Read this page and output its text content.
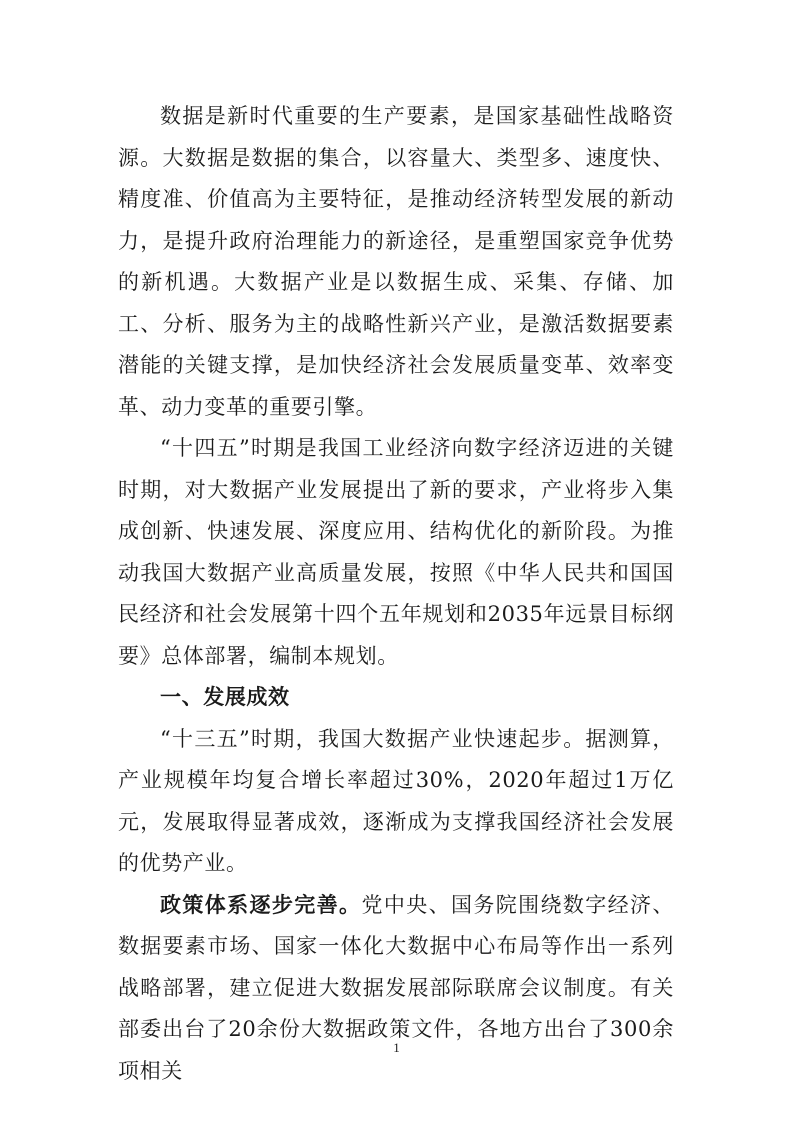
数据是新时代重要的生产要素，是国家基础性战略资源。大数据是数据的集合，以容量大、类型多、速度快、精度准、价值高为主要特征，是推动经济转型发展的新动力，是提升政府治理能力的新途径，是重塑国家竞争优势的新机遇。大数据产业是以数据生成、采集、存储、加工、分析、服务为主的战略性新兴产业，是激活数据要素潜能的关键支撑，是加快经济社会发展质量变革、效率变革、动力变革的重要引擎。

“十四五”时期是我国工业经济向数字经济迈进的关键时期，对大数据产业发展提出了新的要求，产业将步入集成创新、快速发展、深度应用、结构优化的新阶段。为推动我国大数据产业高质量发展，按照《中华人民共和国国民经济和社会发展第十四个五年规划和2035年远景目标纲要》总体部署，编制本规划。

一、发展成效

“十三五”时期，我国大数据产业快速起步。据测算，产业规模年均复合增长率超过30%，2020年超过1万亿元，发展取得显著成效，逐渐成为支撑我国经济社会发展的优势产业。

政策体系逐步完善。党中央、国务院围绕数字经济、数据要素市场、国家一体化大数据中心布局等作出一系列战略部署，建立促进大数据发展部际联席会议制度。有关部委出台了20余份大数据政策文件，各地方出台了300余项相关

1
